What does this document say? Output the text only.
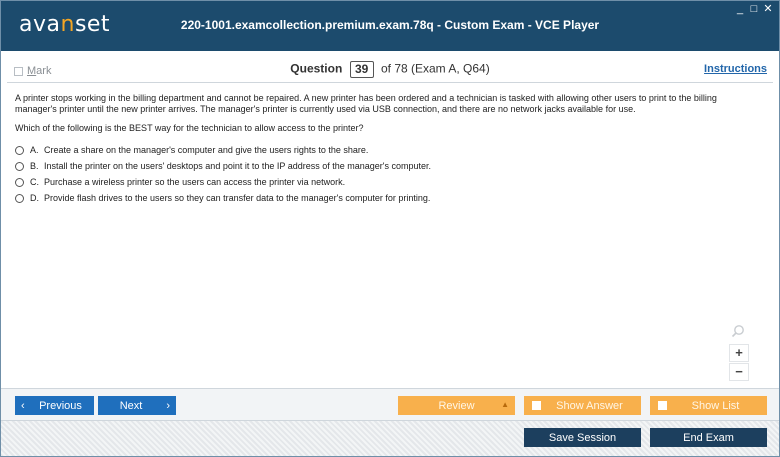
avanset	220-1001.examcollection.premium.exam.78q - Custom Exam - VCE Player
_ □ ✕
Mark	Question 39 of 78 (Exam A, Q64)	Instructions
A printer stops working in the billing department and cannot be repaired. A new printer has been ordered and a technician is tasked with allowing other users to print to the billing manager's printer until the new printer arrives. The manager's printer is currently used via USB connection, and there are no network jacks available for use.
Which of the following is the BEST way for the technician to allow access to the printer?
A. Create a share on the manager's computer and give the users rights to the share.
B. Install the printer on the users' desktops and point it to the IP address of the manager's computer.
C. Purchase a wireless printer so the users can access the printer via network.
D. Provide flash drives to the users so they can transfer data to the manager's computer for printing.
+
−
‹	Previous	Next	›	Review	▲	Show Answer	Show List
Save Session	End Exam
